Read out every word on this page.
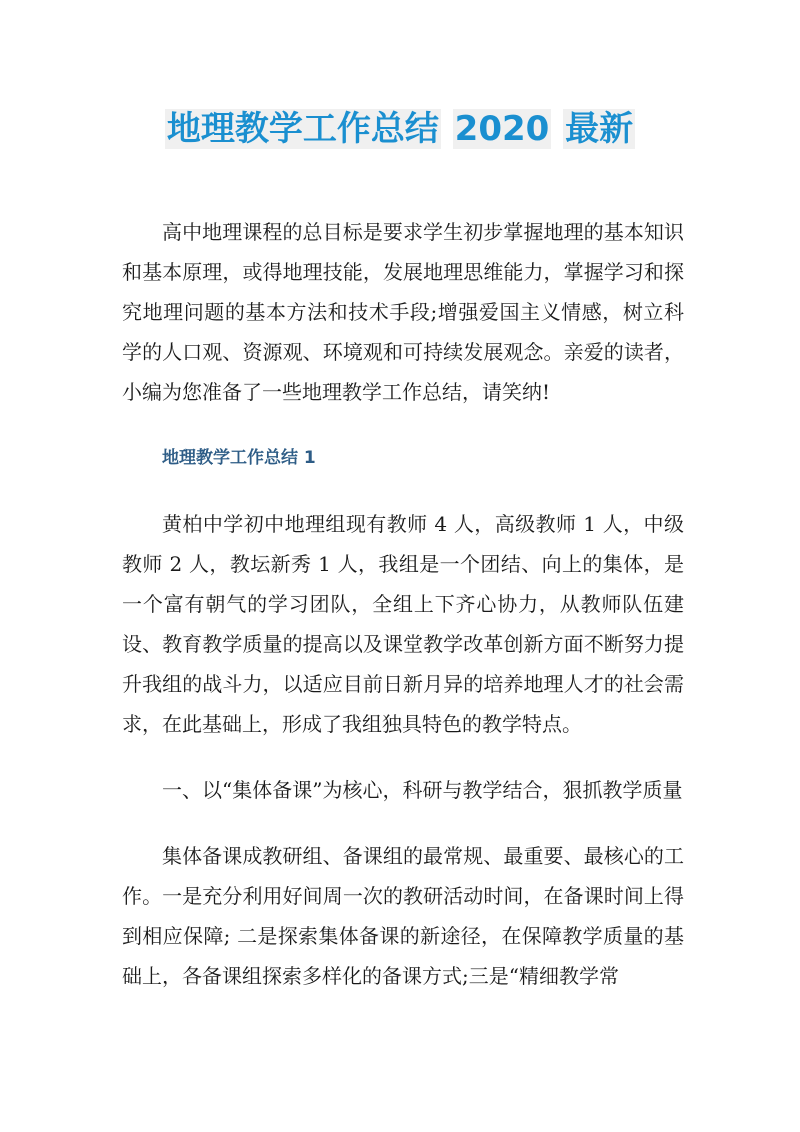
地理教学工作总结 2020 最新

高中地理课程的总目标是要求学生初步掌握地理的基本知识和基本原理，或得地理技能，发展地理思维能力，掌握学习和探究地理问题的基本方法和技术手段;增强爱国主义情感，树立科学的人口观、资源观、环境观和可持续发展观念。亲爱的读者，小编为您准备了一些地理教学工作总结，请笑纳!

地理教学工作总结 1

黄柏中学初中地理组现有教师 4 人，高级教师 1 人，中级教师 2 人，教坛新秀 1 人，我组是一个团结、向上的集体，是一个富有朝气的学习团队，全组上下齐心协力，从教师队伍建设、教育教学质量的提高以及课堂教学改革创新方面不断努力提升我组的战斗力，以适应目前日新月异的培养地理人才的社会需求，在此基础上，形成了我组独具特色的教学特点。

一、以“集体备课”为核心，科研与教学结合，狠抓教学质量

集体备课成教研组、备课组的最常规、最重要、最核心的工作。一是充分利用好间周一次的教研活动时间，在备课时间上得到相应保障; 二是探索集体备课的新途径，在保障教学质量的基础上，各备课组探索多样化的备课方式;三是“精细教学常
